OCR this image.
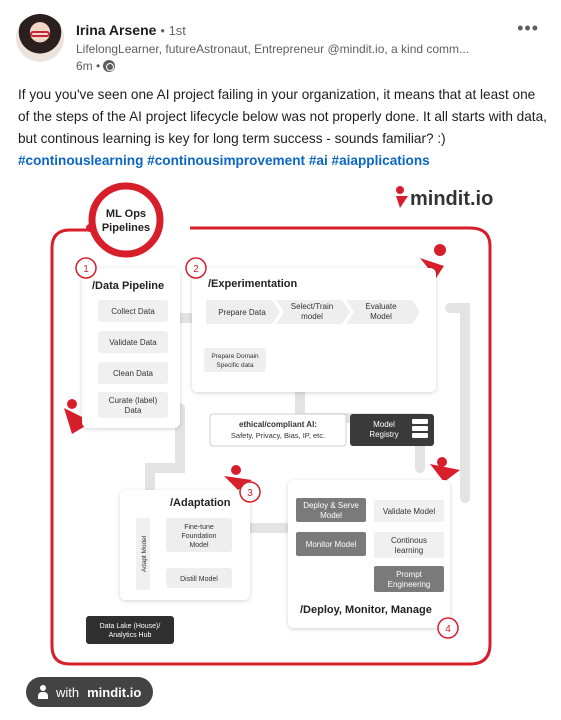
Irina Arsene • 1st
LifelongLearner, futureAstronaut, Entrepreneur @mindit.io, a kind comm...
6m •
•••
If you you've seen one AI project failing in your organization, it means that at least one of the steps of the AI project lifecycle below was not properly done. It all starts with data, but continous learning is key for long term success - sounds familiar? :)
#continouslearning #continousimprovement #ai #aiapplications
ML Ops
Pipelines
mindit.io
1
/Data Pipeline
Collect Data
Validate Data
Clean Data
Curate (label)
Data
2
/Experimentation
Prepare Data
Select/Train
model
Evaluate
Model
Prepare Domain
Specific data
ethical/compliant AI:
Safety, Privacy, Bias, IP, etc.
Model
Registry
3
/Adaptation
Adapt Model
Fine-tune
Foundation
Model
Distill Model
Deploy & Serve
Model	Validate Model
Monitor Model	Continous
learning
Prompt
Engineering
/Deploy, Monitor, Manage
4
Data Lake (House)/
Analytics Hub
with mindit.io
